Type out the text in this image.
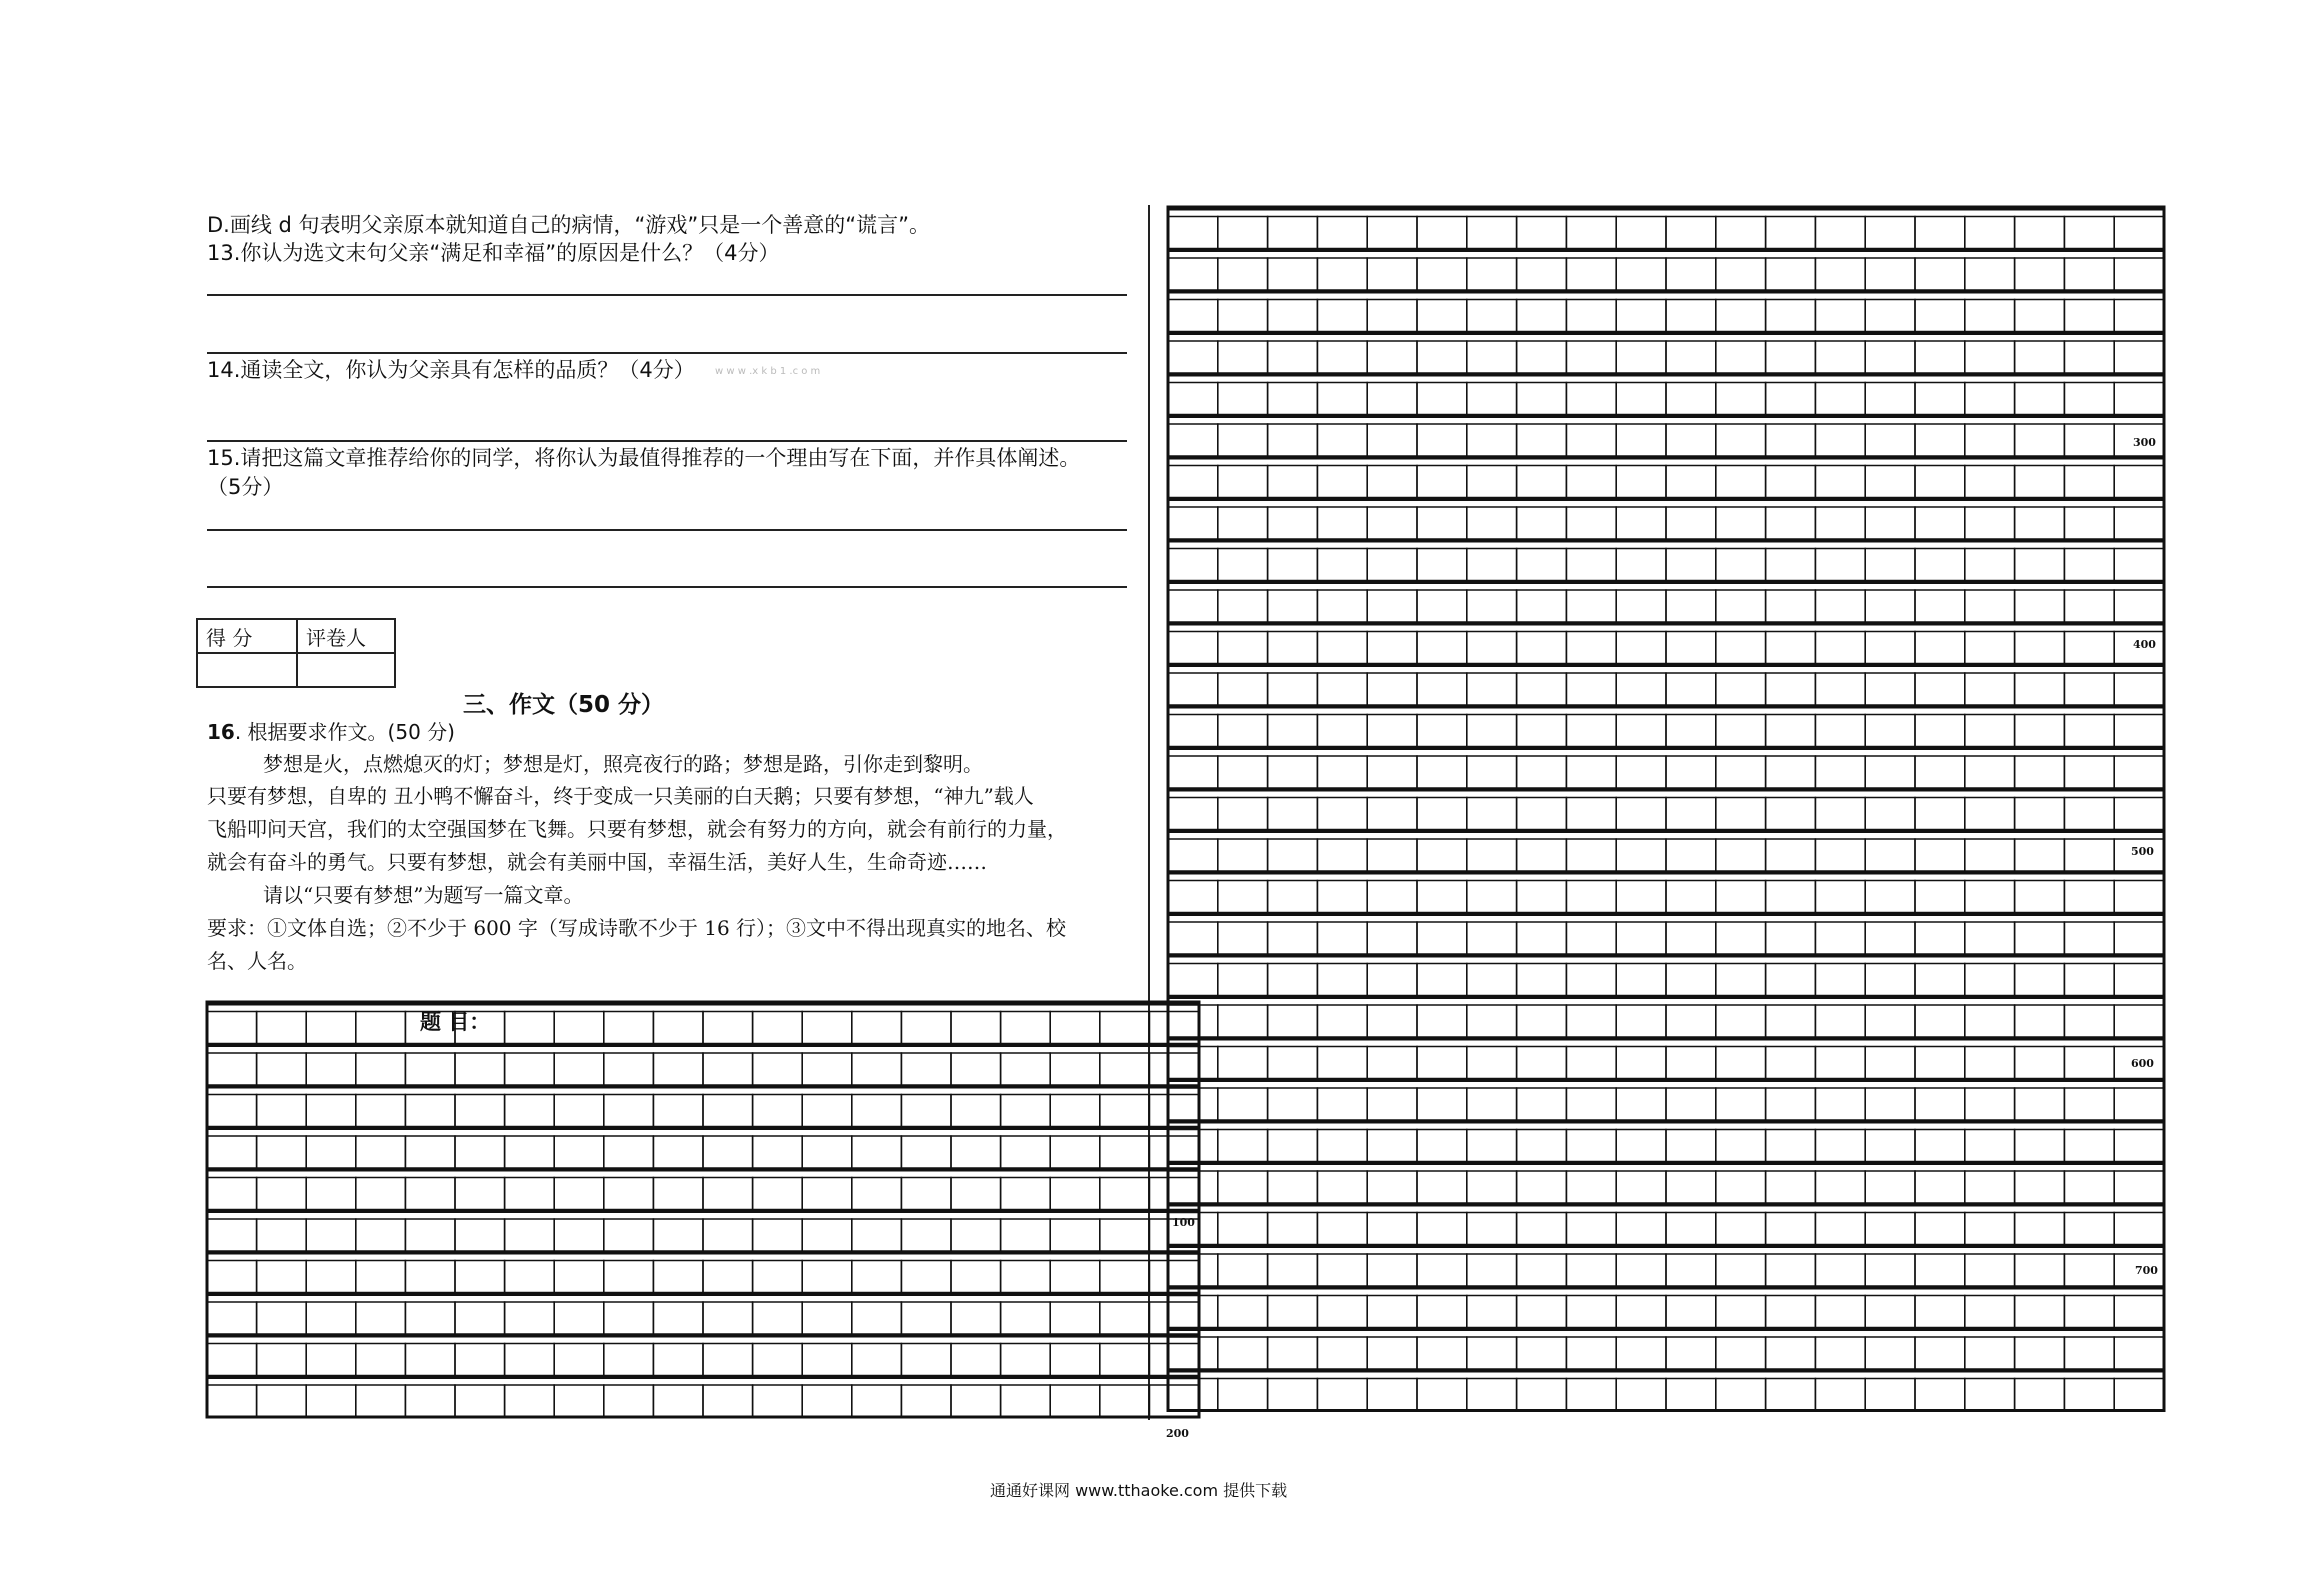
D.画线 d 句表明父亲原本就知道自己的病情，“游戏”只是一个善意的“谎言”。
13.你认为选文末句父亲“满足和幸福”的原因是什么？（4分）
14.通读全文，你认为父亲具有怎样的品质？（4分） w w w .x k b 1 .c o m
15.请把这篇文章推荐给你的同学，将你认为最值得推荐的一个理由写在下面，并作具体阐述。
（5分）
得 分	评卷人

三、作文（50 分）
16. 根据要求作文。(50 分)
梦想是火，点燃熄灭的灯；梦想是灯，照亮夜行的路；梦想是路，引你走到黎明。
只要有梦想，自卑的 丑小鸭不懈奋斗，终于变成一只美丽的白天鹅；只要有梦想，“神九”载人
飞船叩问天宫，我们的太空强国梦在飞舞。只要有梦想，就会有努力的方向，就会有前行的力量，
就会有奋斗的勇气。只要有梦想，就会有美丽中国，幸福生活，美好人生，生命奇迹……
请以“只要有梦想”为题写一篇文章。
要求：①文体自选；②不少于 600 字（写成诗歌不少于 16 行）；③文中不得出现真实的地名、校
名、人名。
题 目：
100
200
300
400
500
600
700
通通好课网 www.tthaoke.com 提供下载
